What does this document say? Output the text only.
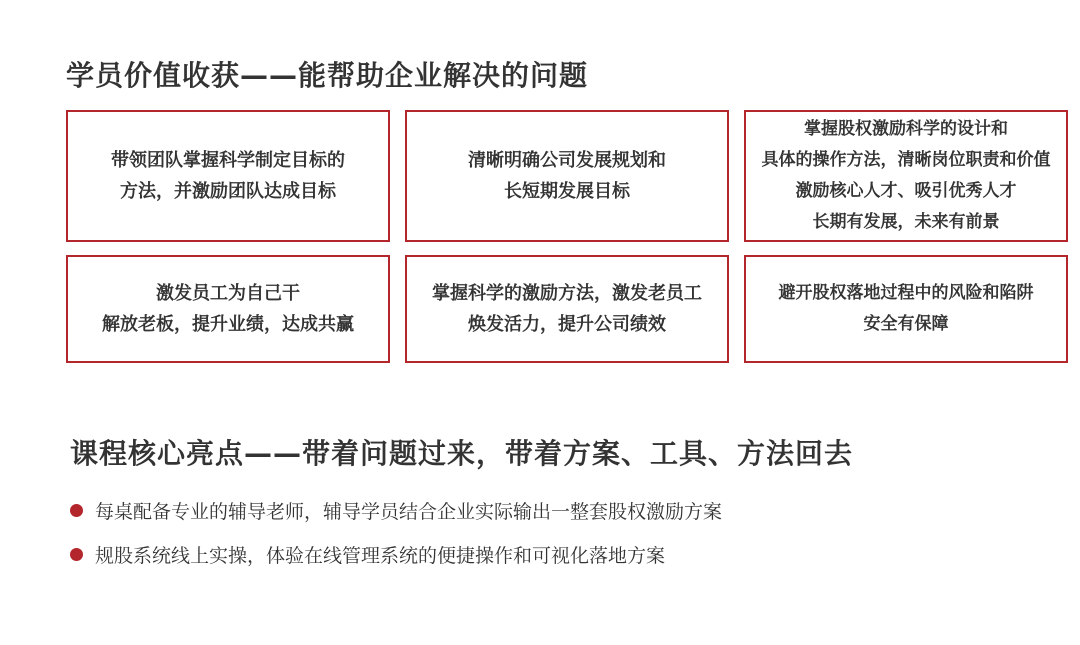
学员价值收获——能帮助企业解决的问题
带领团队掌握科学制定目标的
方法，并激励团队达成目标
清晰明确公司发展规划和
长短期发展目标
掌握股权激励科学的设计和
具体的操作方法，清晰岗位职责和价值
激励核心人才、吸引优秀人才
长期有发展，未来有前景
激发员工为自己干
解放老板，提升业绩，达成共赢
掌握科学的激励方法，激发老员工
焕发活力，提升公司绩效
避开股权落地过程中的风险和陷阱
安全有保障
课程核心亮点——带着问题过来，带着方案、工具、方法回去
每桌配备专业的辅导老师，辅导学员结合企业实际输出一整套股权激励方案
规股系统线上实操，体验在线管理系统的便捷操作和可视化落地方案
